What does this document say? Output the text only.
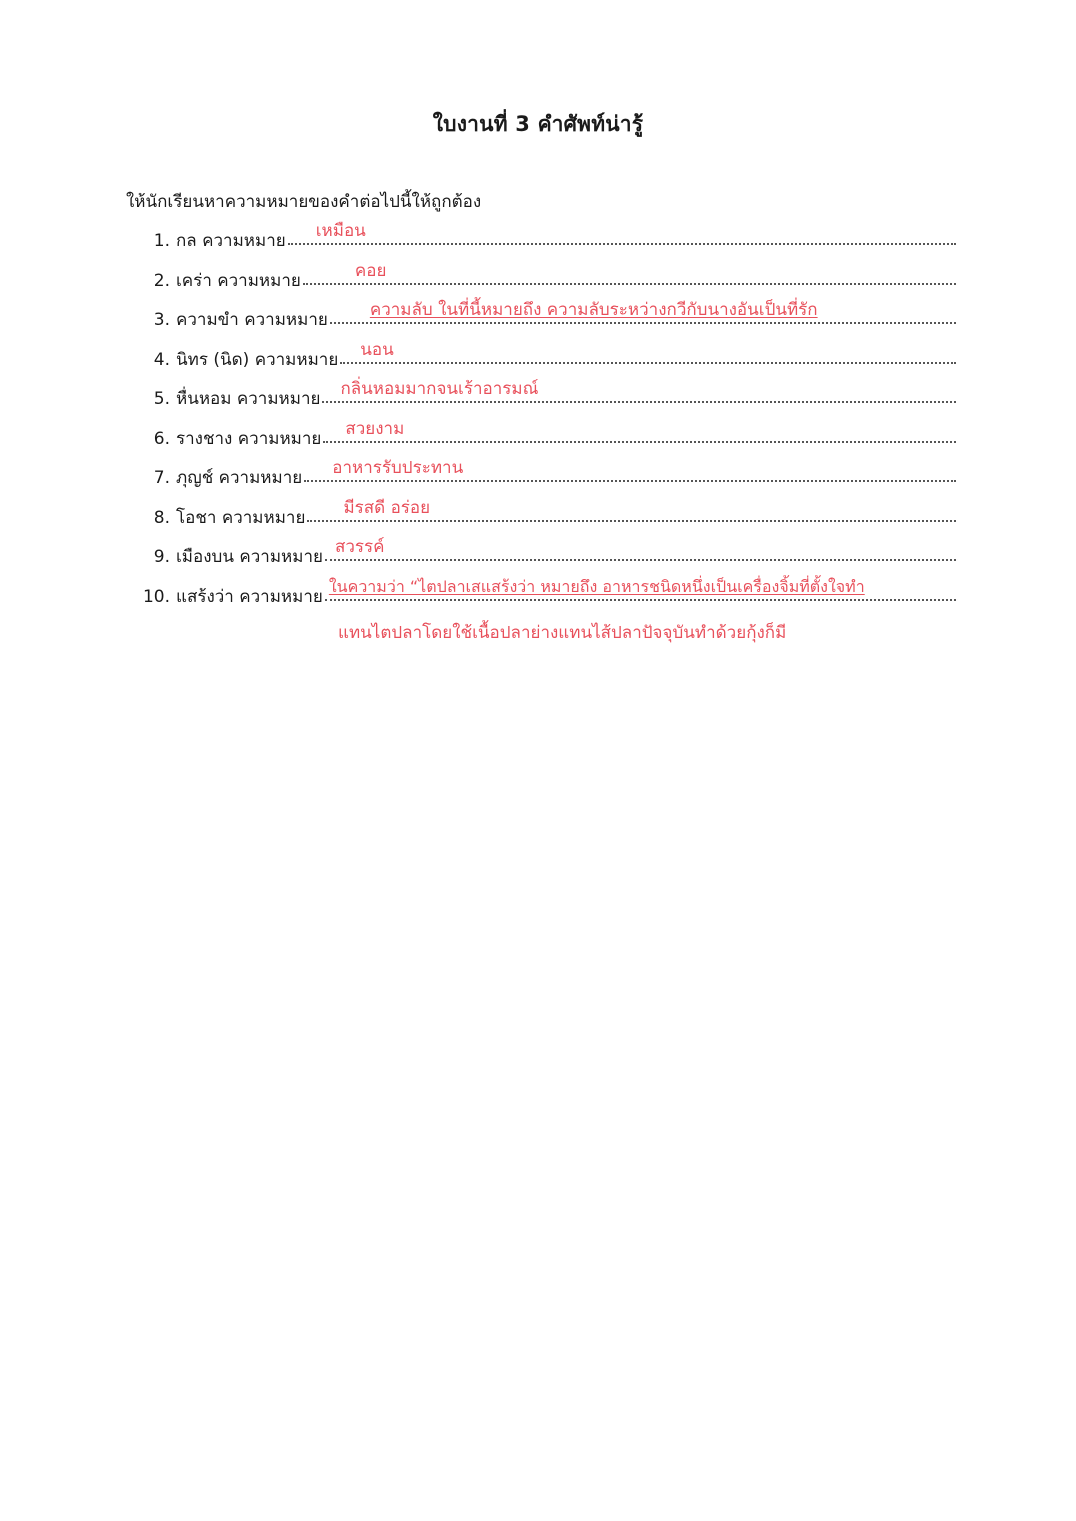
ใบงานที่ 3 คำศัพท์น่ารู้
ให้นักเรียนหาความหมายของคำต่อไปนี้ให้ถูกต้อง
1. กล ความหมาย เหมือน
2. เคร่า ความหมาย	คอย
3. ความขำ ความหมาย ความลับ ในที่นี้หมายถึง ความลับระหว่างกวีกับนางอันเป็นที่รัก
4. นิทร (นิด) ความหมาย นอน
5. หื่นหอม ความหมาย กลิ่นหอมมากจนเร้าอารมณ์
6. รางชาง ความหมาย สวยงาม
7. ภุญช์ ความหมาย อาหารรับประทาน
8. โอชา ความหมาย มีรสดี อร่อย
9. เมืองบน ความหมาย สวรรค์
10. แสร้งว่า ความหมาย
ในความว่า “ไตปลาเสแสร้งว่า หมายถึง อาหารชนิดหนึ่งเป็นเครื่องจิ้มที่ตั้งใจทำ
แทนไตปลาโดยใช้เนื้อปลาย่างแทนไส้ปลาปัจจุบันทำด้วยกุ้งก็มี
